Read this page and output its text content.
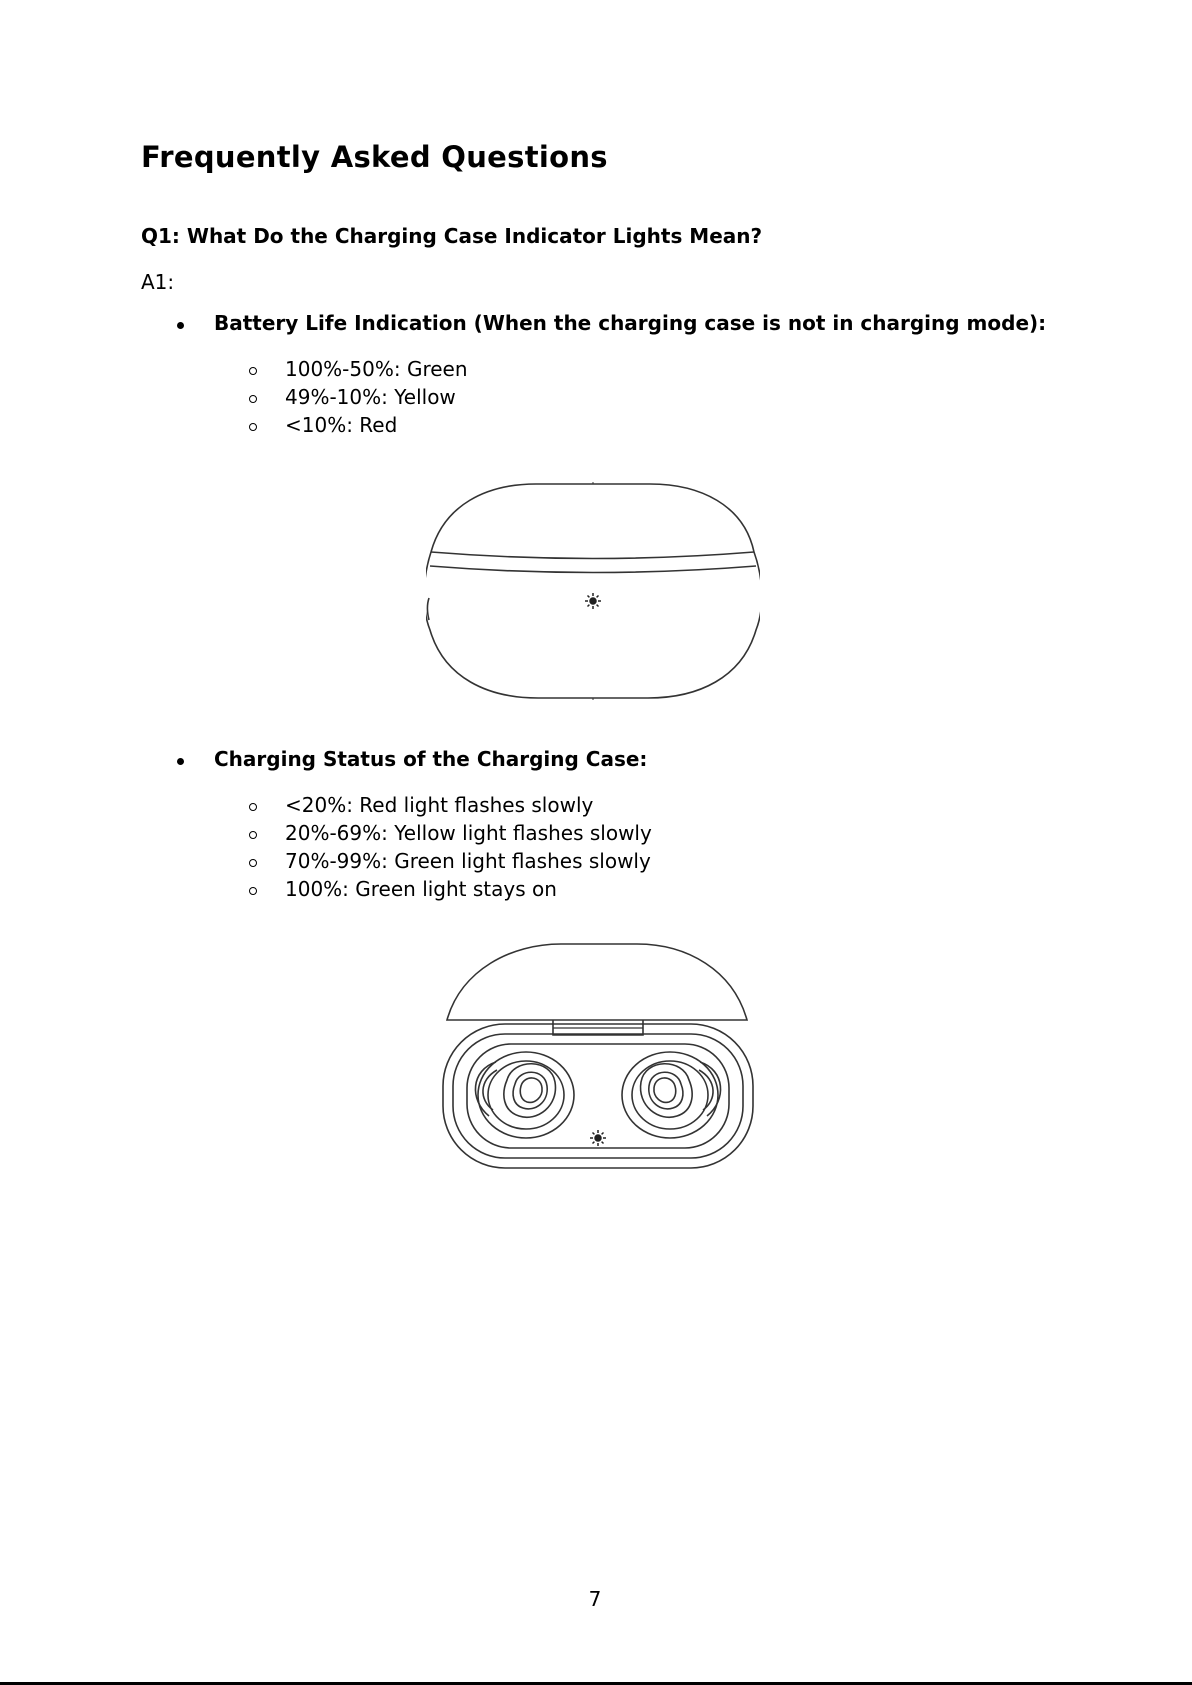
Frequently Asked Questions
Q1: What Do the Charging Case Indicator Lights Mean?

A1:

Battery Life Indication (When the charging case is not in charging mode):
100%-50%: Green
49%-10%: Yellow
<10%: Red
Charging Status of the Charging Case:
<20%: Red light flashes slowly
20%-69%: Yellow light flashes slowly
70%-99%: Green light flashes slowly
100%: Green light stays on
7
